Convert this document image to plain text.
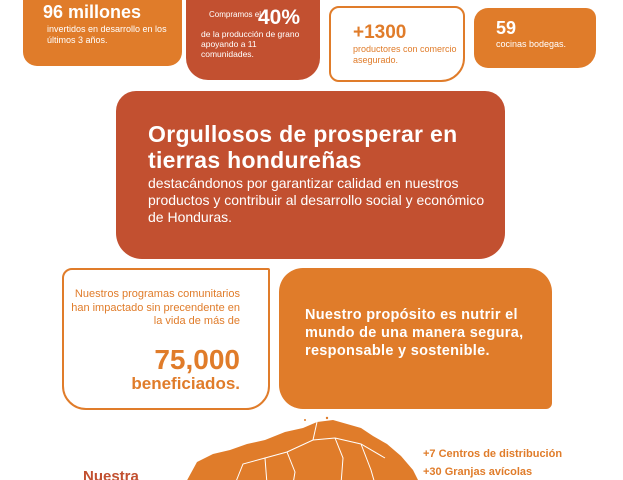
96 millones
invertidos en desarrollo en los últimos 3 años.
Compramos el
40%
de la producción de grano apoyando a 11 comunidades.
+1300
productores con comercio asegurado.
59
cocinas bodegas.
Orgullosos de prosperar en tierras hondureñas
destacándonos por garantizar calidad en nuestros productos y contribuir al desarrollo social y económico de Honduras.
Nuestros programas comunitarios han impactado sin precendente en la vida de más de
75,000
beneficiados.
Nuestro propósito es nutrir el mundo de una manera segura, responsable y sostenible.
Nuestra
+7 Centros de distribución
+30 Granjas avícolas
